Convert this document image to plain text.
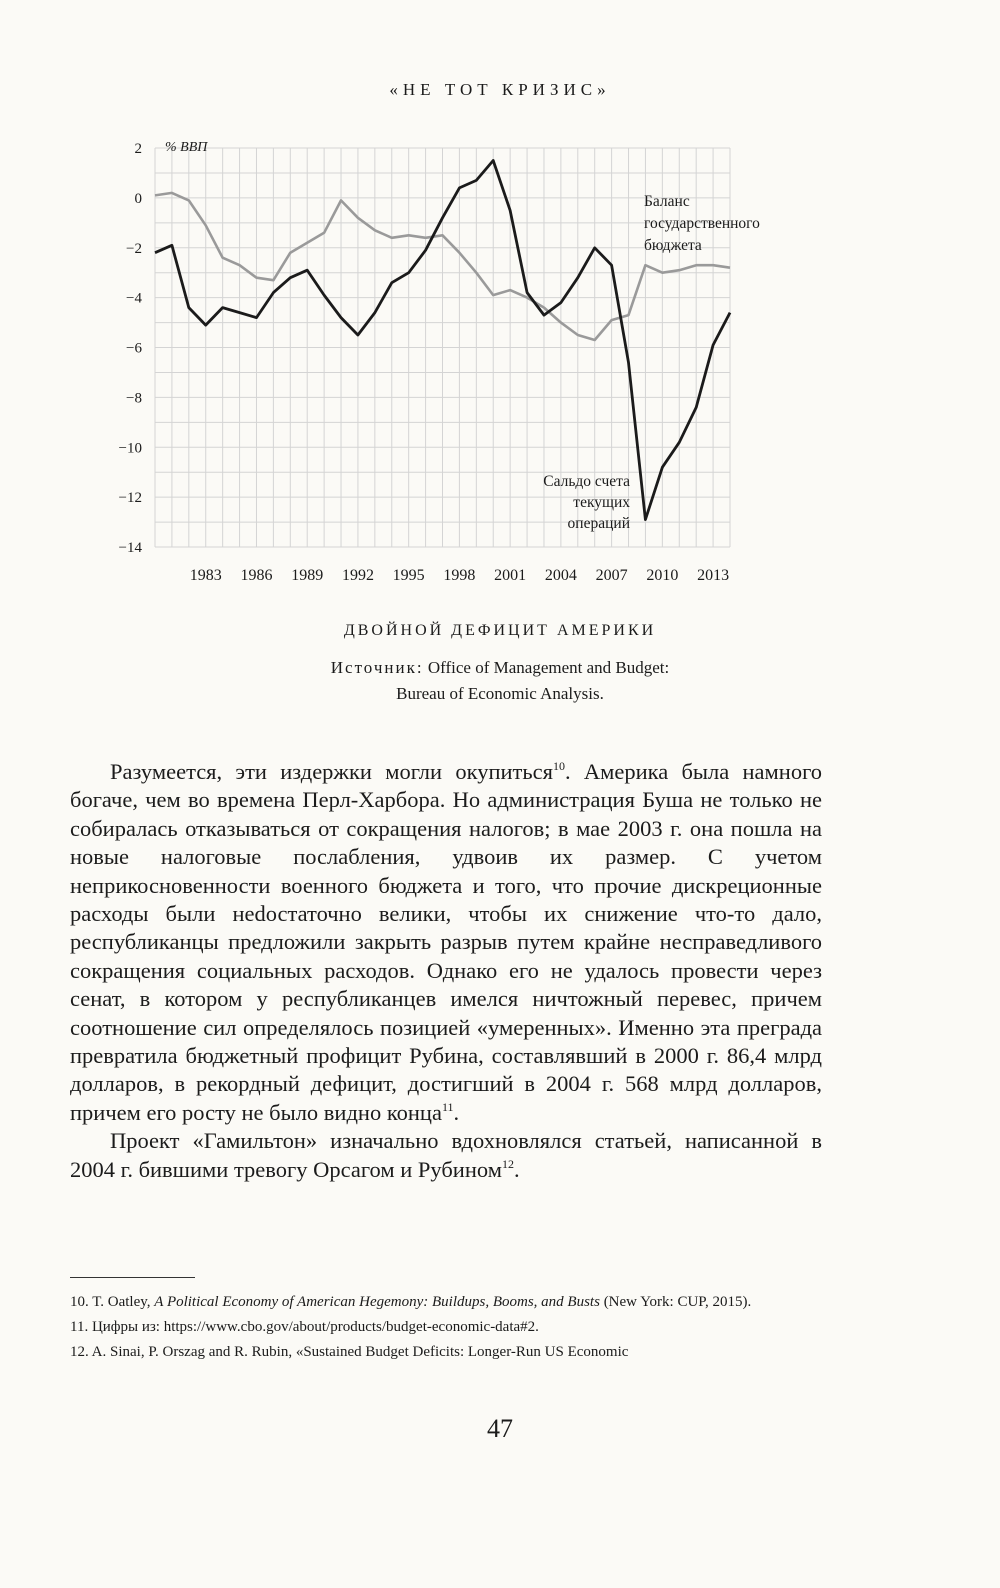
«НЕ ТОТ КРИЗИС»
2
0
−2
−4
−6
−8
−10
−12
−14
1983 1986 1989 1992 1995 1998 2001 2004 2007 2010 2013
% ВВП
Баланс
государственного
бюджета
Сальдо счета
текущих
операций
ДВОЙНОЙ ДЕФИЦИТ АМЕРИКИ
Источник: Office of Management and Budget:
Bureau of Economic Analysis.

Разумеется, эти издержки могли окупиться$^{10}$. Америка была намного богаче, чем во времена Перл-Харбора. Но администрация Буша не только не собиралась отказываться от сокращения налогов; в мае 2003 г. она пошла на новые налоговые послабления, удвоив их размер. С учетом неприкосновенности военного бюджета и того, что прочие дискреционные расходы были неdостаточно велики, чтобы их снижение что-то дало, республиканцы предложили закрыть разрыв путем крайне несправедливого сокращения социальных расходов. Однако его не удалось провести через сенат, в котором у республиканцев имелся ничтожный перевес, причем соотношение сил определялось позицией «умеренных». Именно эта преграда превратила бюджетный профицит Рубина, составлявший в 2000 г. 86,4 млрд долларов, в рекордный дефицит, достигший в 2004 г. 568 млрд долларов, причем его росту не было видно конца$^{11}$.

Проект «Гамильтон» изначально вдохновлялся статьей, написанной в 2004 г. бившими тревогу Орсагом и Рубином$^{12}$.

10. T. Oatley, A Political Economy of American Hegemony: Buildups, Booms, and Busts (New York: CUP, 2015).

11. Цифры из: https://www.cbo.gov/about/products/budget-economic-data#2.

12. A. Sinai, P. Orszag and R. Rubin, «Sustained Budget Deficits: Longer-Run US Economic

47
